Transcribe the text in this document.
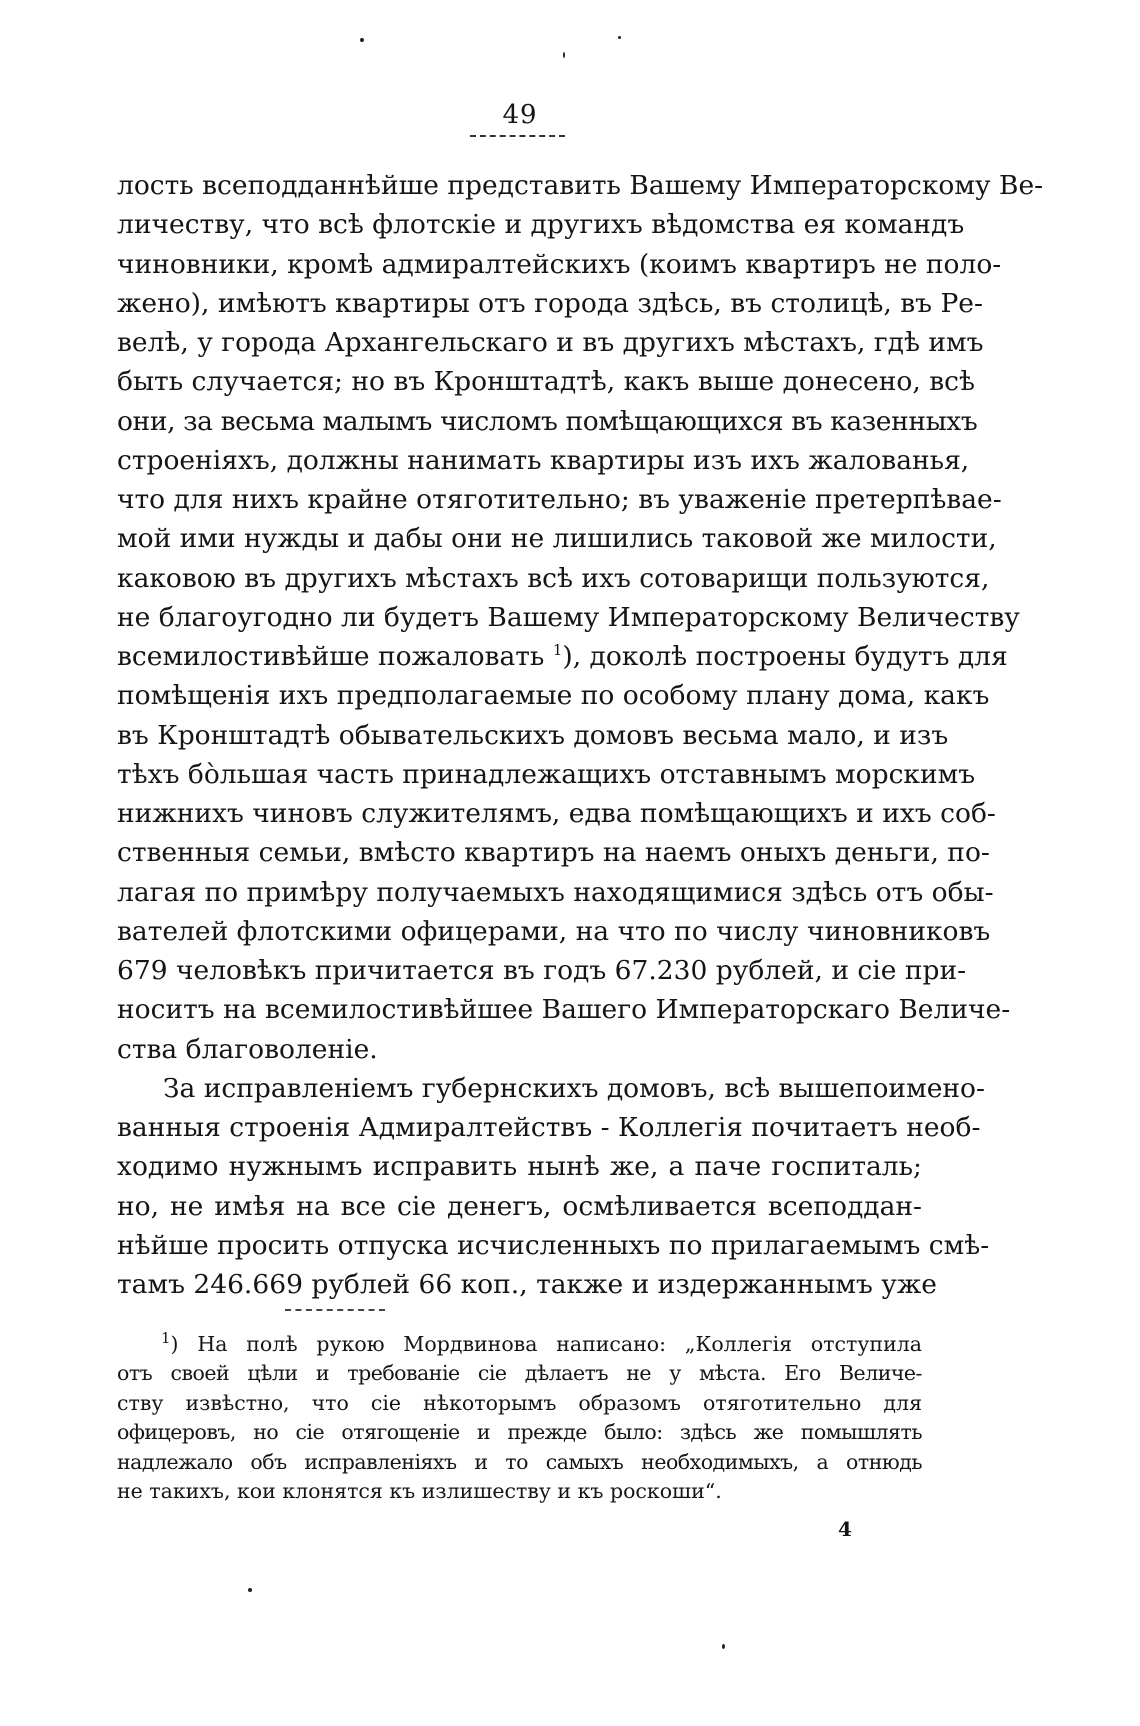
49
лость всеподданнѣйше представить Вашему Императорскому Ве-
личеству, что всѣ флотскіе и другихъ вѣдомства ея командъ
чиновники, кромѣ адмиралтейскихъ (коимъ квартиръ не поло-
жено), имѣютъ квартиры отъ города здѣсь, въ столицѣ, въ Ре-
велѣ, у города Архангельскаго и въ другихъ мѣстахъ, гдѣ имъ
быть случается; но въ Кронштадтѣ, какъ выше донесено, всѣ
они, за весьма малымъ числомъ помѣщающихся въ казенныхъ
строеніяхъ, должны нанимать квартиры изъ ихъ жалованья,
что для нихъ крайне отяготительно; въ уваженіе претерпѣвае-
мой ими нужды и дабы они не лишились таковой же милости,
каковою въ другихъ мѣстахъ всѣ ихъ сотоварищи пользуются,
не благоугодно ли будетъ Вашему Императорскому Величеству
всемилостивѣйше пожаловать $^1$), доколѣ построены будутъ для
помѣщенія ихъ предполагаемые по особому плану дома, какъ
въ Кронштадтѣ обывательскихъ домовъ весьма мало, и изъ
тѣхъ бо̀льшая часть принадлежащихъ отставнымъ морскимъ
нижнихъ чиновъ служителямъ, едва помѣщающихъ и ихъ соб-
ственныя семьи, вмѣсто квартиръ на наемъ оныхъ деньги, по-
лагая по примѣру получаемыхъ находящимися здѣсь отъ обы-
вателей флотскими офицерами, на что по числу чиновниковъ
679 человѣкъ причитается въ годъ 67.230 рублей, и сіе при-
носитъ на всемилостивѣйшее Вашего Императорскаго Величе-
ства благоволеніе.
За исправленіемъ губернскихъ домовъ, всѣ вышепоимено-
ванныя строенія Адмиралтействъ - Коллегія почитаетъ необ-
ходимо нужнымъ исправить нынѣ же, а паче госпиталь;
но, не имѣя на все сіе денегъ, осмѣливается всеподдан-
нѣйше просить отпуска исчисленныхъ по прилагаемымъ смѣ-
тамъ 246.669 рублей 66 коп., также и издержаннымъ уже
$^1$) На полѣ рукою Мордвинова написано: „Коллегія отступила
отъ своей цѣли и требованіе сіе дѣлаетъ не у мѣста. Его Величе-
ству извѣстно, что сіе нѣкоторымъ образомъ отяготительно для
офицеровъ, но сіе отягощеніе и прежде было: здѣсь же помышлять
надлежало объ исправленіяхъ и то самыхъ необходимыхъ, а отнюдь
не такихъ, кои клонятся къ излишеству и къ роскоши“.
4
